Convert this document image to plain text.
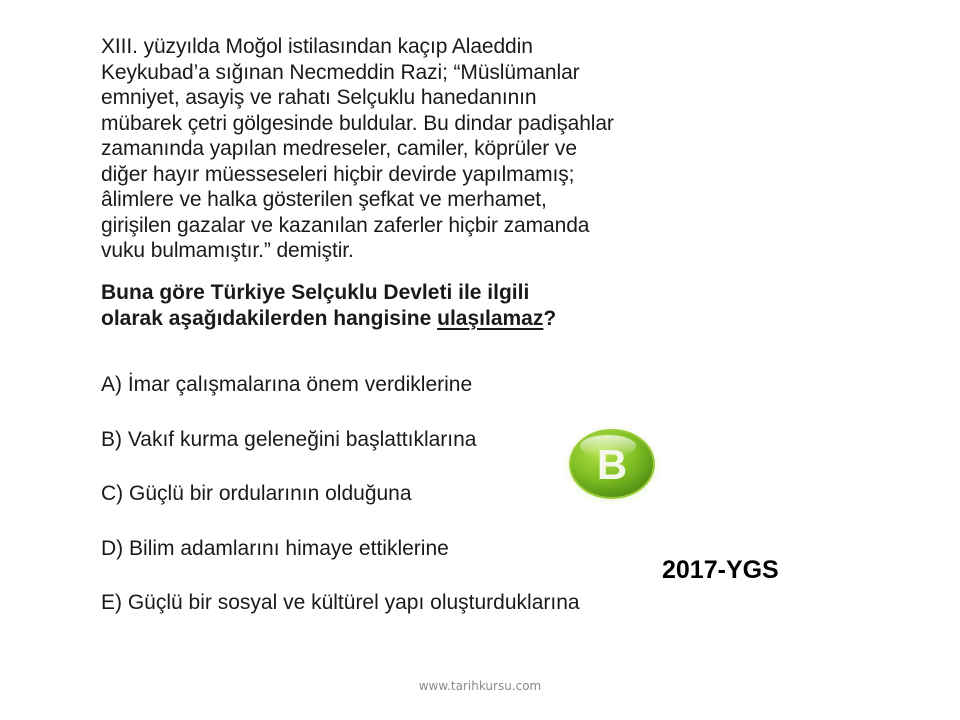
XIII. yüzyılda Moğol istilasından kaçıp Alaeddin
Keykubad’a sığınan Necmeddin Razi; “Müslümanlar
emniyet, asayiş ve rahatı Selçuklu hanedanının
mübarek çetri gölgesinde buldular. Bu dindar padişahlar
zamanında yapılan medreseler, camiler, köprüler ve
diğer hayır müesseseleri hiçbir devirde yapılmamış;
âlimlere ve halka gösterilen şefkat ve merhamet,
girişilen gazalar ve kazanılan zaferler hiçbir zamanda
vuku bulmamıştır.” demiştir.
Buna göre Türkiye Selçuklu Devleti ile ilgili
olarak aşağıdakilerden hangisine ulaşılamaz?
A) İmar çalışmalarına önem verdiklerine
B) Vakıf kurma geleneğini başlattıklarına
C) Güçlü bir ordularının olduğuna
D) Bilim adamlarını himaye ettiklerine
E) Güçlü bir sosyal ve kültürel yapı oluşturduklarına
B
2017-YGS
www.tarihkursu.com
